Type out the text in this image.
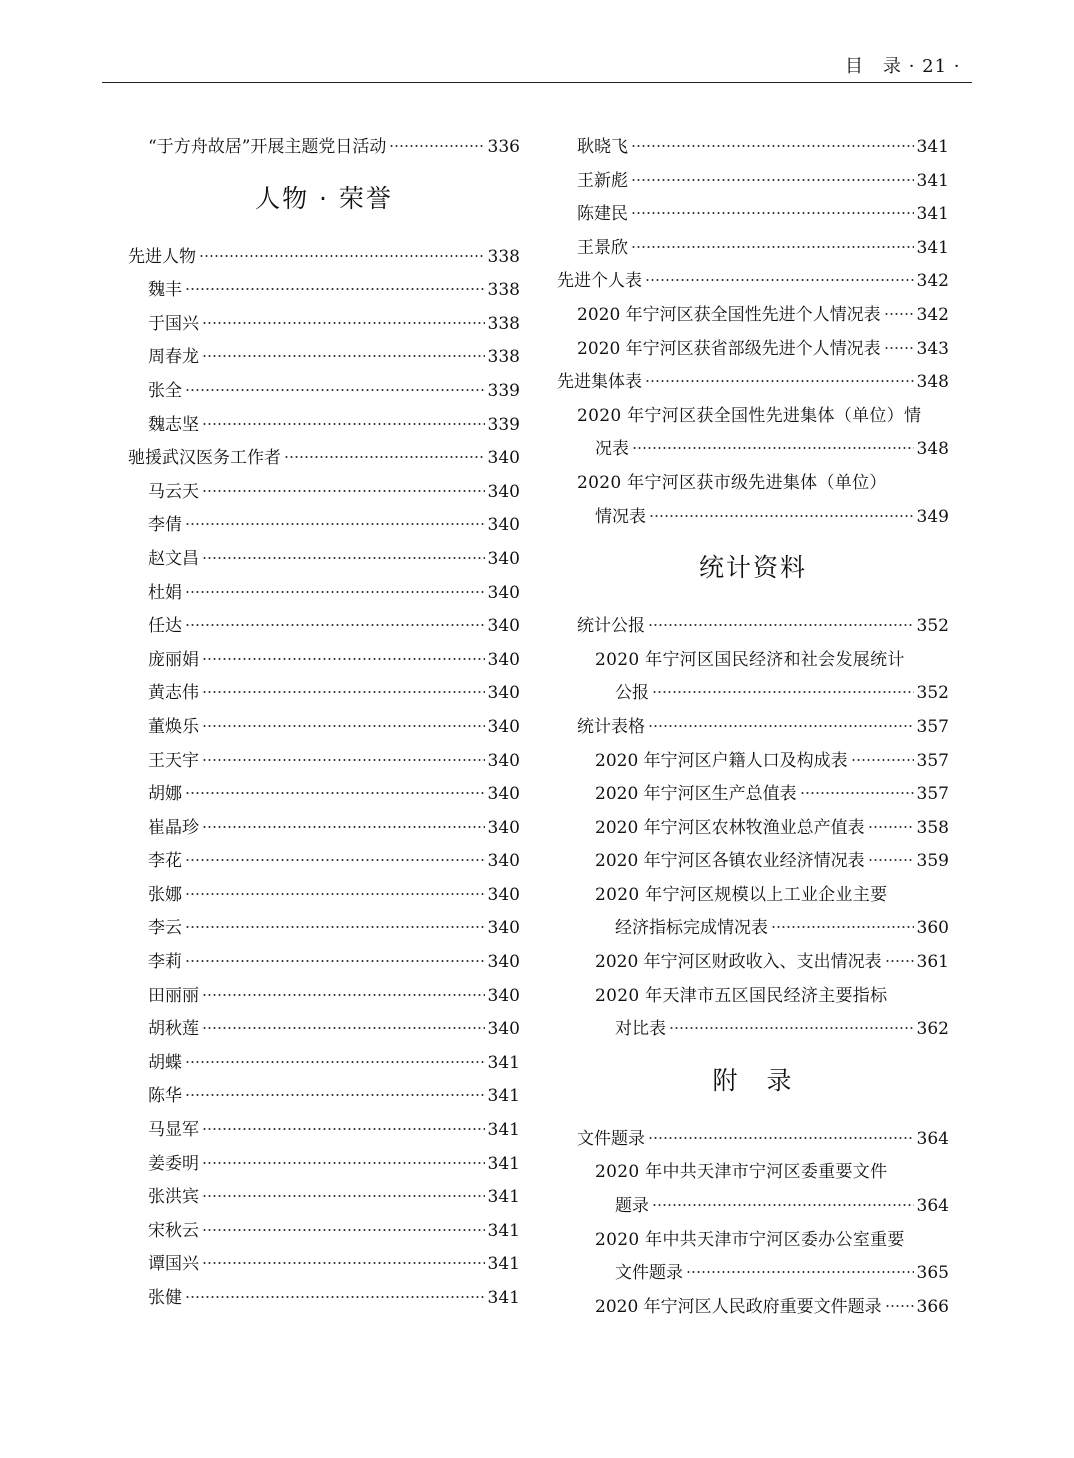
目　录 · 21 ·
“于方舟故居”开展主题党日活动	336
人物 · 荣誉
先进人物	338
魏丰	338
于国兴	338
周春龙	338
张全	339
魏志坚	339
驰援武汉医务工作者	340
马云天	340
李倩	340
赵文昌	340
杜娟	340
任达	340
庞丽娟	340
黄志伟	340
董焕乐	340
王天宇	340
胡娜	340
崔晶珍	340
李花	340
张娜	340
李云	340
李莉	340
田丽丽	340
胡秋莲	340
胡蝶	341
陈华	341
马显军	341
姜委明	341
张洪宾	341
宋秋云	341
谭国兴	341
张健	341
耿晓飞	341
王新彪	341
陈建民	341
王景欣	341
先进个人表	342
2020 年宁河区获全国性先进个人情况表 342
2020 年宁河区获省部级先进个人情况表 343
先进集体表	348
2020 年宁河区获全国性先进集体（单位）情
况表	348
2020 年宁河区获市级先进集体（单位）
情况表	349
统计资料
统计公报	352
2020 年宁河区国民经济和社会发展统计
公报	352
统计表格	357
2020 年宁河区户籍人口及构成表	357
2020 年宁河区生产总值表	357
2020 年宁河区农林牧渔业总产值表	358
2020 年宁河区各镇农业经济情况表	359
2020 年宁河区规模以上工业企业主要
经济指标完成情况表	360
2020 年宁河区财政收入、支出情况表 361
2020 年天津市五区国民经济主要指标
对比表	362
附　录
文件题录	364
2020 年中共天津市宁河区委重要文件
题录	364
2020 年中共天津市宁河区委办公室重要
文件题录	365
2020 年宁河区人民政府重要文件题录 366
